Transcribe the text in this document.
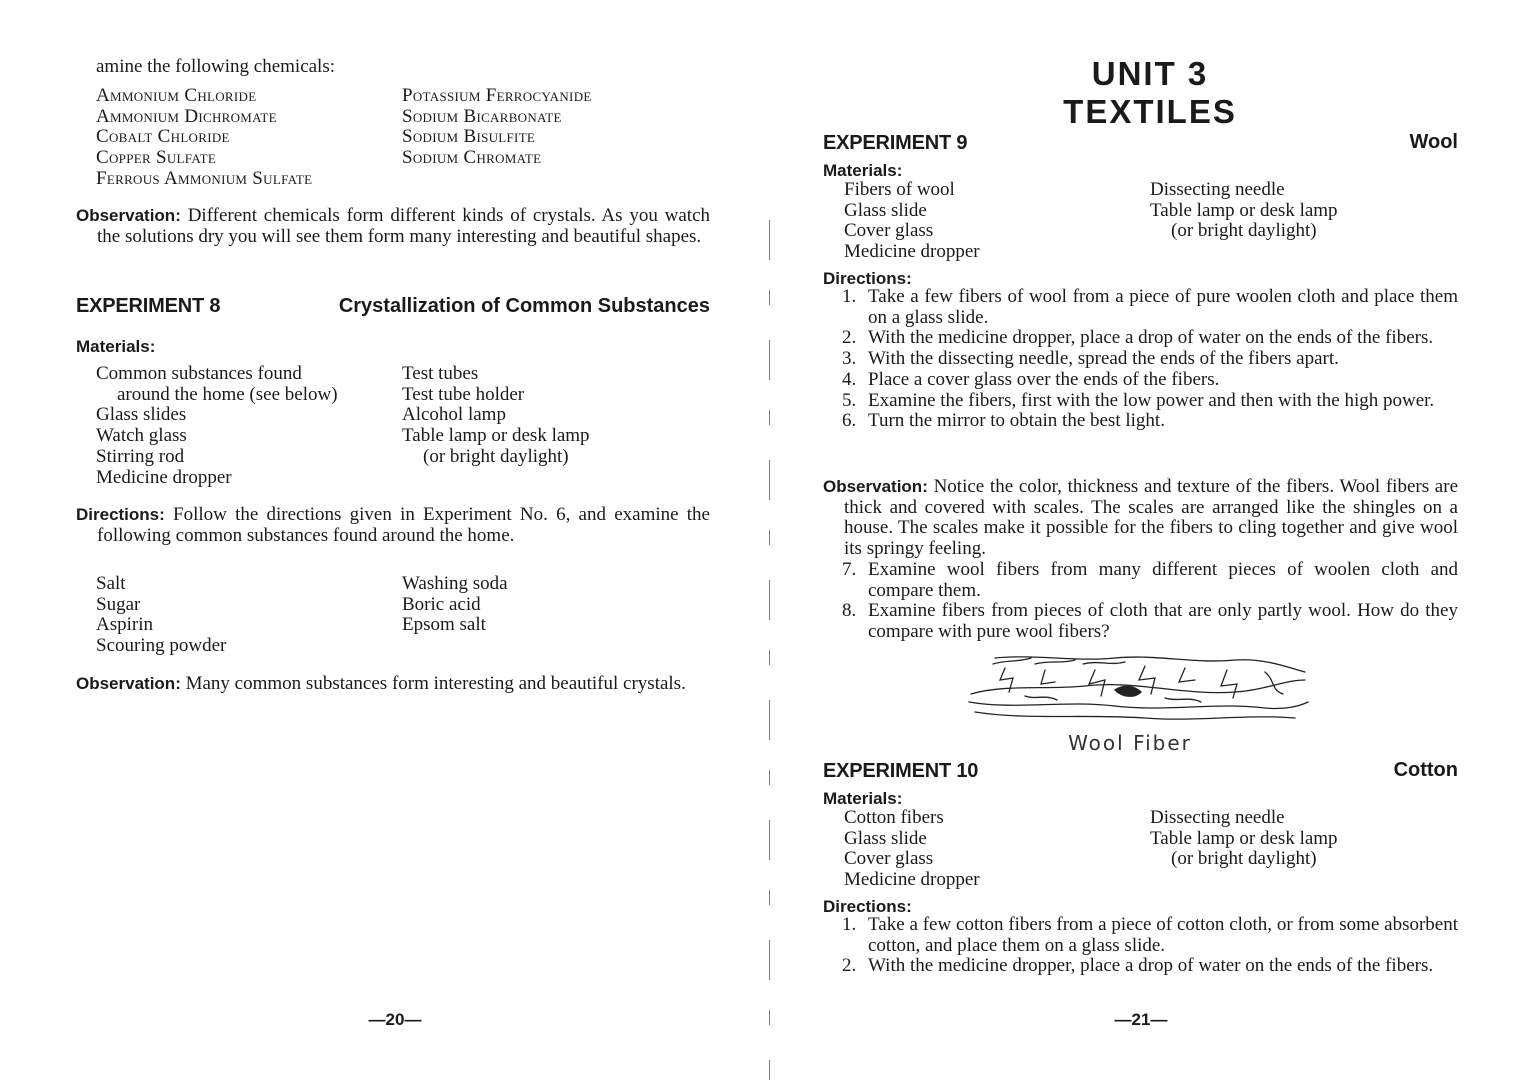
amine the following chemicals:
Ammonium Chloride
Ammonium Dichromate
Cobalt Chloride
Copper Sulfate
Ferrous Ammonium Sulfate
Potassium Ferrocyanide
Sodium Bicarbonate
Sodium Bisulfite
Sodium Chromate
Observation: Different chemicals form different kinds of crystals. As you watch the solutions dry you will see them form many interesting and beautiful shapes.
EXPERIMENT 8	Crystallization of Common Substances
Materials:
Common substances found
around the home (see below)
Glass slides
Watch glass
Stirring rod
Medicine dropper
Test tubes
Test tube holder
Alcohol lamp
Table lamp or desk lamp
(or bright daylight)
Directions: Follow the directions given in Experiment No. 6, and examine the following common substances found around the home.
Salt
Sugar
Aspirin
Scouring powder
Washing soda
Boric acid
Epsom salt
Observation: Many common substances form interesting and beautiful crystals.
—20—
UNIT 3
TEXTILES
EXPERIMENT 9	Wool
Materials:
Fibers of wool
Glass slide
Cover glass
Medicine dropper
Dissecting needle
Table lamp or desk lamp
(or bright daylight)
Directions:
1. Take a few fibers of wool from a piece of pure woolen cloth and place them on a glass slide.
2. With the medicine dropper, place a drop of water on the ends of the fibers.
3. With the dissecting needle, spread the ends of the fibers apart.
4. Place a cover glass over the ends of the fibers.
5. Examine the fibers, first with the low power and then with the high power.
6. Turn the mirror to obtain the best light.
Observation: Notice the color, thickness and texture of the fibers. Wool fibers are thick and covered with scales. The scales are arranged like the shingles on a house. The scales make it possible for the fibers to cling together and give wool its springy feeling.
7. Examine wool fibers from many different pieces of woolen cloth and compare them.
8. Examine fibers from pieces of cloth that are only partly wool. How do they compare with pure wool fibers?
Wool Fiber
EXPERIMENT 10	Cotton
Materials:
Cotton fibers
Glass slide
Cover glass
Medicine dropper
Dissecting needle
Table lamp or desk lamp
(or bright daylight)
Directions:
1. Take a few cotton fibers from a piece of cotton cloth, or from some absorbent cotton, and place them on a glass slide.
2. With the medicine dropper, place a drop of water on the ends of the fibers.
—21—
